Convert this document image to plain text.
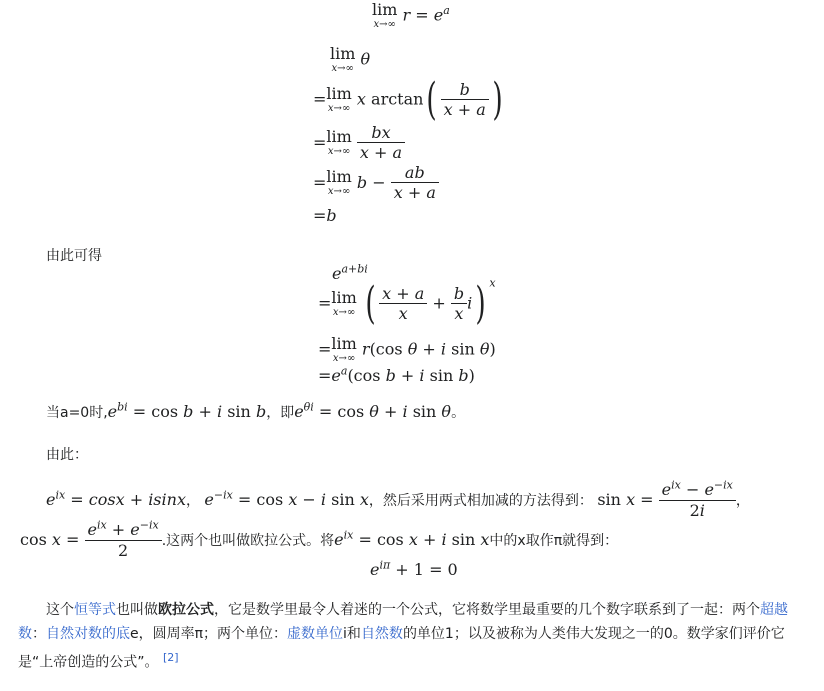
lim
x→∞ $r = e^a$
lim
x→∞ θ
= lim
x→∞ x $\arctan( \frac{b}{x + a}$ )
= lim
x→∞
$\frac{bx}{x + a}$
= lim
x→∞ $b - \frac{ab}{x + a}$
=b
由此可得
$e^{a+bi}$
= lim
x→∞ ( $\frac{x + a}{x} + \frac{b}{x} i$) $^x$
= lim
x→∞ r(cos θ + i sin θ)
$=e^a(\cos$ b + i sin b)
当a=0时$,e^{bi} = \cos b + i$ sin b，即$e^{\theta i} = \cos \theta + i$ sin θ。
由此：
$e^{ix} = \cos x + isinx$， $e^{-ix} = \cos x - i$ sin x，然后采用两式相加减的方法得到： $\sin x = \frac{e^{ix} - e^{-ix}}{2i}$ ，
$\cos x = \frac{e^{ix} + e^{-ix}}{2}$ .这两个也叫做欧拉公式。将$e^{ix} = \cos x + i$ sin x中的x取作π就得到：
$e^{i\pi} + 1 = 0$
这个恒等式也叫做欧拉公式，它是数学里最令人着迷的一个公式，它将数学里最重要的几个数字联系到了一起：两个超越数：自然对数的底e，圆周率π；两个单位：虚数单位i和自然数的单位1；以及被称为人类伟大发现之一的0。数学家们评价它是“上帝创造的公式”。 [2]
